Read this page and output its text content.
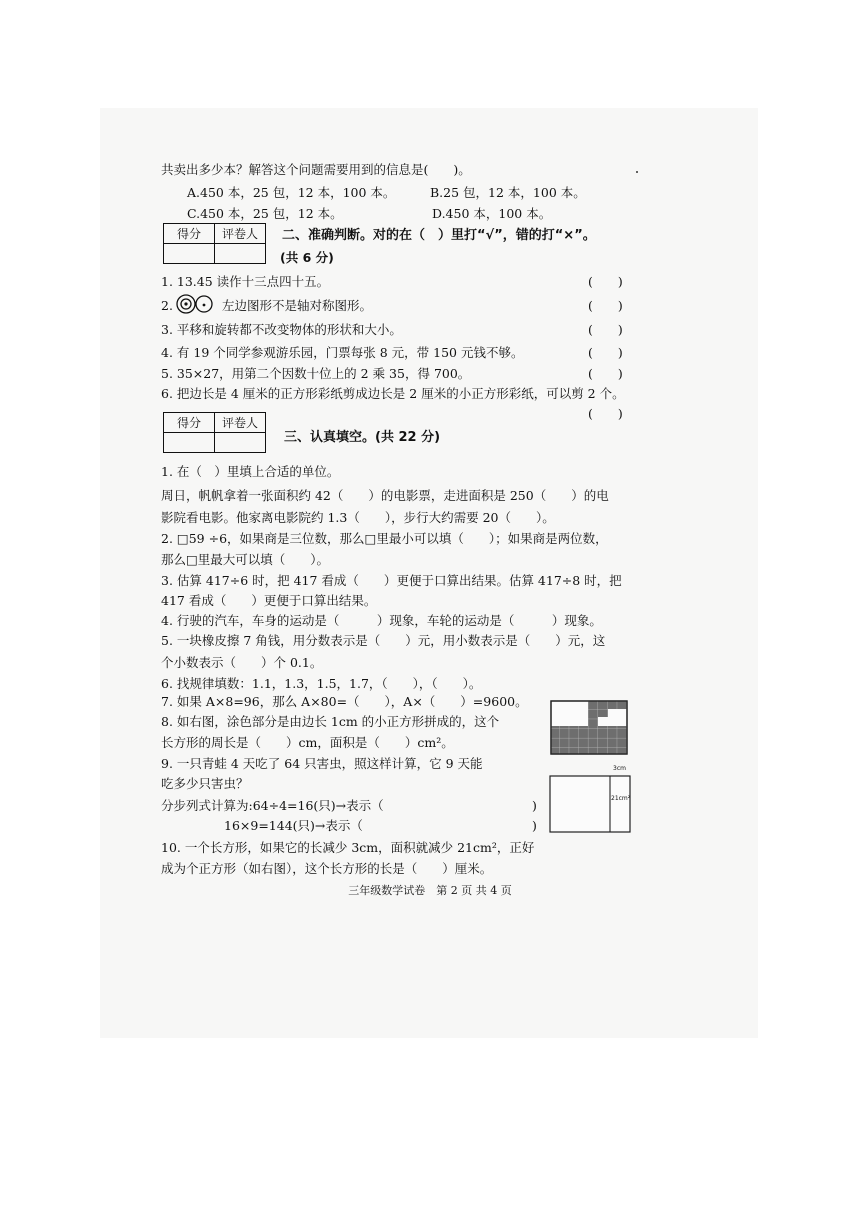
共卖出多少本？解答这个问题需要用到的信息是(　　)。
A.450 本，25 包，12 本，100 本。	B.25 包，12 本，100 本。
C.450 本，25 包，12 本。	D.450 本，100 本。
得分	评卷人
	二、准确判断。对的在（　）里打“√”，错的打“×”。
(共 6 分)
1. 13.45 读作十三点四十五。	(　　)
2.	左边图形不是轴对称图形。	(　　)
3. 平移和旋转都不改变物体的形状和大小。	(　　)
4. 有 19 个同学参观游乐园，门票每张 8 元，带 150 元钱不够。	(　　)
5. 35×27，用第二个因数十位上的 2 乘 35，得 700。	(　　)
6. 把边长是 4 厘米的正方形彩纸剪成边长是 2 厘米的小正方形彩纸，可以剪 2 个。
(　　)
得分	评卷人

三、认真填空。(共 22 分)
1. 在（　）里填上合适的单位。
周日，帆帆拿着一张面积约 42（　　）的电影票，走进面积是 250（　　）的电
影院看电影。他家离电影院约 1.3（　　），步行大约需要 20（　　）。
2. □59 ÷6，如果商是三位数，那么□里最小可以填（　　）；如果商是两位数，
那么□里最大可以填（　　）。
3. 估算 417÷6 时，把 417 看成（　　）更便于口算出结果。估算 417÷8 时，把
417 看成（　　）更便于口算出结果。
4. 行驶的汽车，车身的运动是（　　　）现象，车轮的运动是（　　　）现象。
5. 一块橡皮擦 7 角钱，用分数表示是（　　）元，用小数表示是（　　）元，这
个小数表示（　　）个 0.1。
6. 找规律填数：1.1，1.3，1.5，1.7，（　　），（　　）。
7. 如果 A×8=96，那么 A×80=（　　），A×（　　）=9600。
8. 如右图，涂色部分是由边长 1cm 的小正方形拼成的，这个
长方形的周长是（　　）cm，面积是（　　）cm²。
9. 一只青蛙 4 天吃了 64 只害虫，照这样计算，它 9 天能
吃多少只害虫？
分步列式计算为:64÷4=16(只)→表示（	)
16×9=144(只)→表示（	)
10. 一个长方形，如果它的长减少 3cm，面积就减少 21cm²，正好
成为个正方形（如右图），这个长方形的长是（　　）厘米。
3cm
21cm²
三年级数学试卷　第 2 页 共 4 页
